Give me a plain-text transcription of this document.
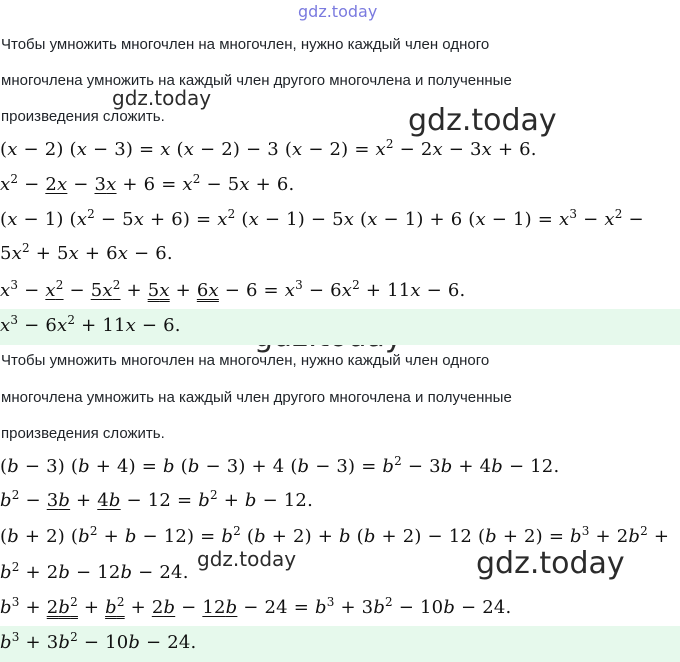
gdz.today
gdz.today
gdz.today
gdz.today	gdz.today
Чтобы умножить многочлен на многочлен, нужно каждый член одного
многочлена умножить на каждый член другого многочлена и полученные
произведения сложить.
(x − 2) (x − 3) = x (x − 2) − 3 $(x - 2) = x^2 - 2x - 3x + 6$.
$x^2 - 2x - 3x + 6 = x^2 - 5x + 6$.
(x − 1) $(x^2 - 5x + 6) = x^2$ (x − 1) − 5x (x − 1) + 6 $(x - 1) = x^3 - x^2$ −
$5x^2 + 5x + 6x - 6$.
$x^3 - x^2 - 5x^2 + 5x + 6x - 6 = x^3 - 6x^2 + 11x - 6$.
$x^3 - 6x^2 + 11x - 6$.
Чтобы умножить многочлен на многочлен, нужно каждый член одного
многочлена умножить на каждый член другого многочлена и полученные
произведения сложить.
(b − 3) (b + 4) = b (b − 3) + 4 $(b - 3) = b^2 - 3b + 4b - 12$.
$b^2 - 3b + 4b - 12 = b^2 + b - 12$.
(b + 2) $(b^2 + b - 12) = b^2$ (b + 2) + b (b + 2) − 12 $(b + 2) = b^3 + 2b^2$ +
$b^2 + 2b - 12b - 24$.
$b^3 + 2b^2 + b^2 + 2b - 12b - 24 = b^3 + 3b^2 - 10b - 24$.
$b^3 + 3b^2 - 10b - 24$.
